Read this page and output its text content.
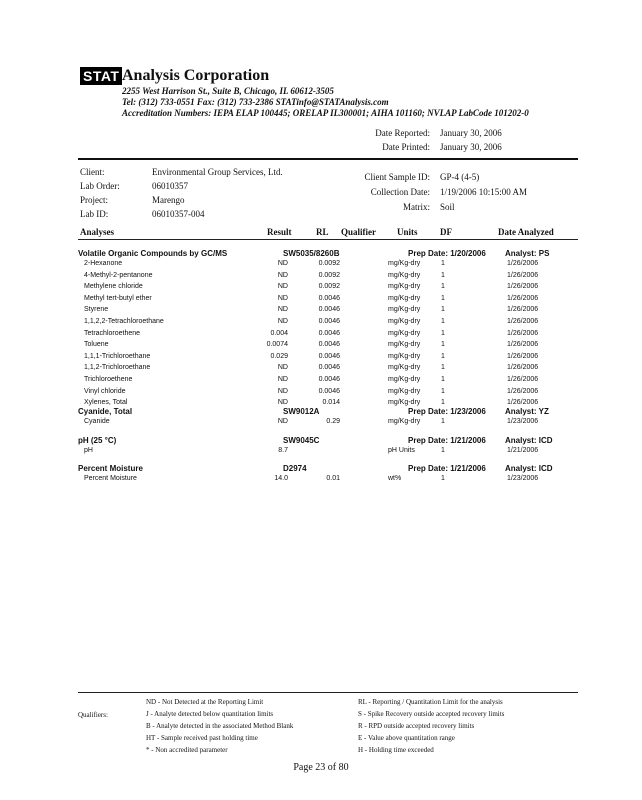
STAT Analysis Corporation
2255 West Harrison St., Suite B, Chicago, IL 60612-3505
Tel: (312) 733-0551 Fax: (312) 733-2386 STATinfo@STATAnalysis.com
Accreditation Numbers: IEPA ELAP 100445; ORELAP IL300001; AIHA 101160; NVLAP LabCode 101202-0
Date Reported: January 30, 2006
Date Printed: January 30, 2006
Client:	Environmental Group Services, Ltd.
Lab Order:	06010357
Project:	Marengo
Lab ID:	06010357-004
Client Sample ID: GP-4 (4-5)
Collection Date: 1/19/2006 10:15:00 AM
Matrix: Soil
Analyses	Result	RL Qualifier Units DF	Date Analyzed
Volatile Organic Compounds by GC/MS	SW5035/8260B	Prep Date: 1/20/2006 Analyst: PS
2-Hexanone	ND	0.0092	mg/Kg-dry	1	1/26/2006
4-Methyl-2-pentanone	ND	0.0092	mg/Kg-dry	1	1/26/2006
Methylene chloride	ND	0.0092	mg/Kg-dry	1	1/26/2006
Methyl tert-butyl ether	ND	0.0046	mg/Kg-dry	1	1/26/2006
Styrene	ND	0.0046	mg/Kg-dry	1	1/26/2006
1,1,2,2-Tetrachloroethane	ND	0.0046	mg/Kg-dry	1	1/26/2006
Tetrachloroethene	0.004	0.0046	mg/Kg-dry	1	1/26/2006
Toluene	0.0074	0.0046	mg/Kg-dry	1	1/26/2006
1,1,1-Trichloroethane	0.029	0.0046	mg/Kg-dry	1	1/26/2006
1,1,2-Trichloroethane	ND	0.0046	mg/Kg-dry	1	1/26/2006
Trichloroethene	ND	0.0046	mg/Kg-dry	1	1/26/2006
Vinyl chloride	ND	0.0046	mg/Kg-dry	1	1/26/2006
Xylenes, Total	ND	0.014	mg/Kg-dry	1	1/26/2006
Cyanide, Total	SW9012A	Prep Date: 1/23/2006 Analyst: YZ
Cyanide	ND	0.29	mg/Kg-dry	1	1/23/2006
pH (25 °C)	SW9045C	Prep Date: 1/21/2006 Analyst: ICD
pH	8.7	pH Units	1	1/21/2006
Percent Moisture	D2974	Prep Date: 1/21/2006 Analyst: ICD
Percent Moisture	14.0	0.01	wt%	1	1/23/2006
Qualifiers:
ND - Not Detected at the Reporting Limit
J - Analyte detected below quantitation limits
B - Analyte detected in the associated Method Blank
HT - Sample received past holding time
* - Non accredited parameter
RL - Reporting / Quantitation Limit for the analysis
S - Spike Recovery outside accepted recovery limits
R - RPD outside accepted recovery limits
E - Value above quantitation range
H - Holding time exceeded
Page 23 of 80
